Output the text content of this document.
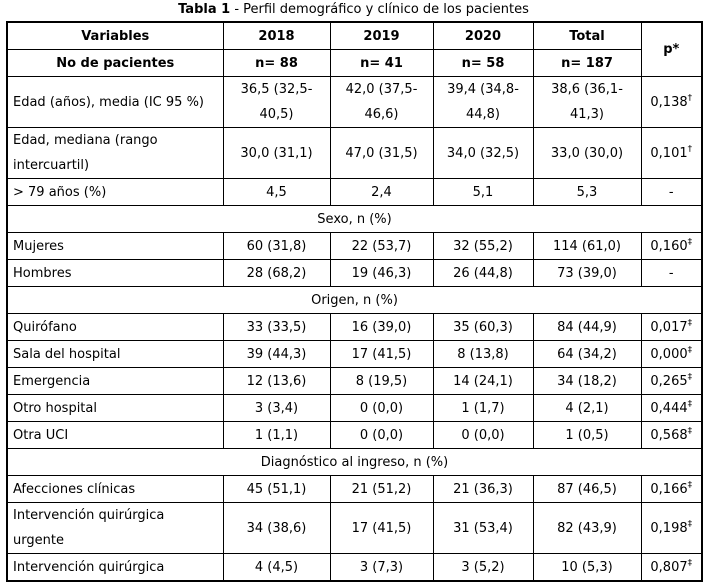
Tabla 1 - Perfil demográfico y clínico de los pacientes
Variables	2018	2019	2020	Total	p*
No de pacientes	n= 88	n= 41	n= 58	n= 187	
Edad (años), media (IC 95 %)	36,5 (32,5-40,5)	42,0 (37,5-46,6)	39,4 (34,8-44,8)	38,6 (36,1-41,3)	0,138†
Edad, mediana (rango intercuartil)	30,0 (31,1)	47,0 (31,5)	34,0 (32,5)	33,0 (30,0)	0,101†
> 79 años (%)	4,5	2,4	5,1	5,3	-
Sexo, n (%)					
Mujeres	60 (31,8)	22 (53,7)	32 (55,2)	114 (61,0)	0,160‡
Hombres	28 (68,2)	19 (46,3)	26 (44,8)	73 (39,0)	-
Origen, n (%)					
Quirófano	33 (33,5)	16 (39,0)	35 (60,3)	84 (44,9)	0,017‡
Sala del hospital	39 (44,3)	17 (41,5)	8 (13,8)	64 (34,2)	0,000‡
Emergencia	12 (13,6)	8 (19,5)	14 (24,1)	34 (18,2)	0,265‡
Otro hospital	3 (3,4)	0 (0,0)	1 (1,7)	4 (2,1)	0,444‡
Otra UCI	1 (1,1)	0 (0,0)	0 (0,0)	1 (0,5)	0,568‡
Diagnóstico al ingreso, n (%)					
Afecciones clínicas	45 (51,1)	21 (51,2)	21 (36,3)	87 (46,5)	0,166‡
Intervención quirúrgica urgente	34 (38,6)	17 (41,5)	31 (53,4)	82 (43,9)	0,198‡
Intervención quirúrgica	4 (4,5)	3 (7,3)	3 (5,2)	10 (5,3)	0,807‡
